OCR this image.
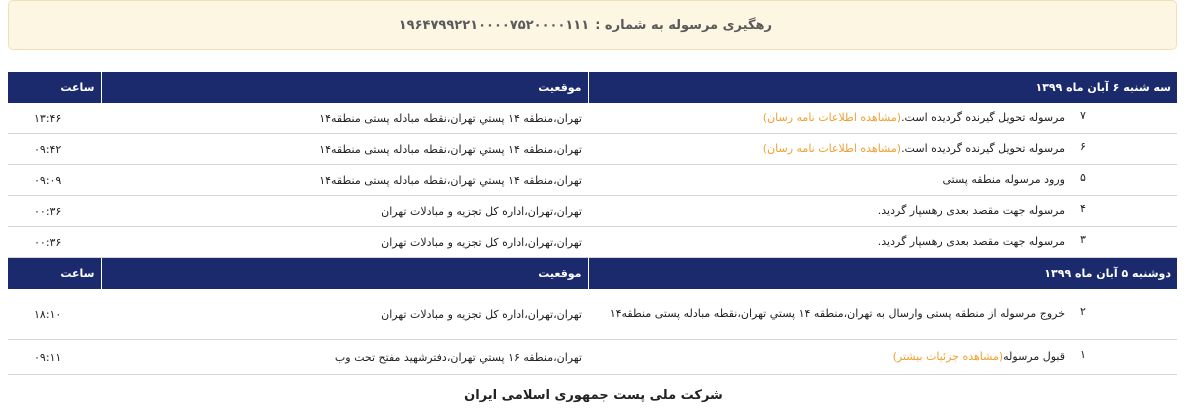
رهگیری مرسوله به شماره :
۱۹۶۴۷۹۹۲۲۱۰۰۰۰۷۵۲۰۰۰۰۱۱۱
سه شنبه ۶ آبان ماه ۱۳۹۹	موقعیت	ساعت

۷
مرسوله تحویل گیرنده گردیده است.(مشاهده اطلاعات نامه رسان)	تهران،منطقه ۱۴ پستي تهران،نقطه مبادله پستی منطقه۱۴	۱۳:۴۶

۶
مرسوله تحویل گیرنده گردیده است.(مشاهده اطلاعات نامه رسان)	تهران،منطقه ۱۴ پستي تهران،نقطه مبادله پستی منطقه۱۴	۰۹:۴۲

۵
ورود مرسوله منطقه پستی	تهران،منطقه ۱۴ پستي تهران،نقطه مبادله پستی منطقه۱۴	۰۹:۰۹

۴
مرسوله جهت مقصد بعدی رهسپار گردید.	تهران،تهران،اداره کل تجزیه و مبادلات تهران	۰۰:۳۶

۳
مرسوله جهت مقصد بعدی رهسپار گردید.	تهران،تهران،اداره کل تجزیه و مبادلات تهران	۰۰:۳۶
دوشنبه ۵ آبان ماه ۱۳۹۹	موقعیت	ساعت

۲
خروج مرسوله از منطقه پستی وارسال به تهران،منطقه ۱۴ پستي تهران،نقطه مبادله پستی منطقه۱۴	تهران،تهران،اداره کل تجزیه و مبادلات تهران	۱۸:۱۰

۱
قبول مرسوله(مشاهده جزئیات بیشتر)	تهران،منطقه ۱۶ پستي تهران،دفترشهید مفتح تحت وب	۰۹:۱۱
شرکت ملی پست جمهوری اسلامی ایران
